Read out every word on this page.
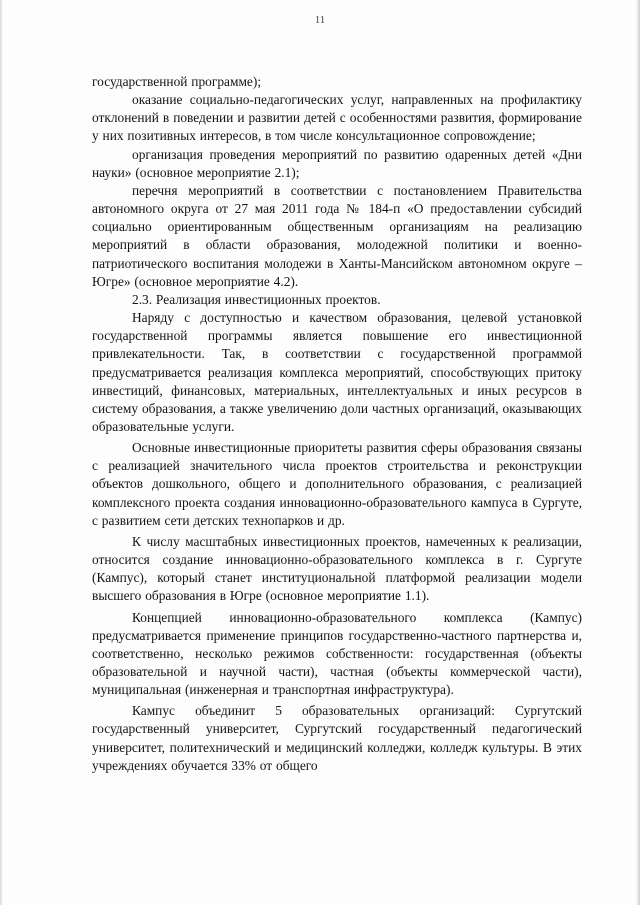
11

государственной программе);

оказание социально-педагогических услуг, направленных на профилактику отклонений в поведении и развитии детей с особенностями развития, формирование у них позитивных интересов, в том числе консультационное сопровождение;

организация проведения мероприятий по развитию одаренных детей «Дни науки» (основное мероприятие 2.1);

перечня мероприятий в соответствии с постановлением Правительства автономного округа от 27 мая 2011 года № 184-п «О предоставлении субсидий социально ориентированным общественным организациям на реализацию мероприятий в области образования, молодежной политики и военно-патриотического воспитания молодежи в Ханты-Мансийском автономном округе – Югре» (основное мероприятие 4.2).

2.3. Реализация инвестиционных проектов.

Наряду с доступностью и качеством образования, целевой установкой государственной программы является повышение его инвестиционной привлекательности. Так, в соответствии с государственной программой предусматривается реализация комплекса мероприятий, способствующих притоку инвестиций, финансовых, материальных, интеллектуальных и иных ресурсов в систему образования, а также увеличению доли частных организаций, оказывающих образовательные услуги.

Основные инвестиционные приоритеты развития сферы образования связаны с реализацией значительного числа проектов строительства и реконструкции объектов дошкольного, общего и дополнительного образования, с реализацией комплексного проекта создания инновационно-образовательного кампуса в Сургуте, с развитием сети детских технопарков и др.

К числу масштабных инвестиционных проектов, намеченных к реализации, относится создание инновационно-образовательного комплекса в г. Сургуте (Кампус), который станет институциональной платформой реализации модели высшего образования в Югре (основное мероприятие 1.1).

Концепцией инновационно-образовательного комплекса (Кампус) предусматривается применение принципов государственно-частного партнерства и, соответственно, несколько режимов собственности: государственная (объекты образовательной и научной части), частная (объекты коммерческой части), муниципальная (инженерная и транспортная инфраструктура).

Кампус объединит 5 образовательных организаций: Сургутский государственный университет, Сургутский государственный педагогический университет, политехнический и медицинский колледжи, колледж культуры. В этих учреждениях обучается 33% от общего
